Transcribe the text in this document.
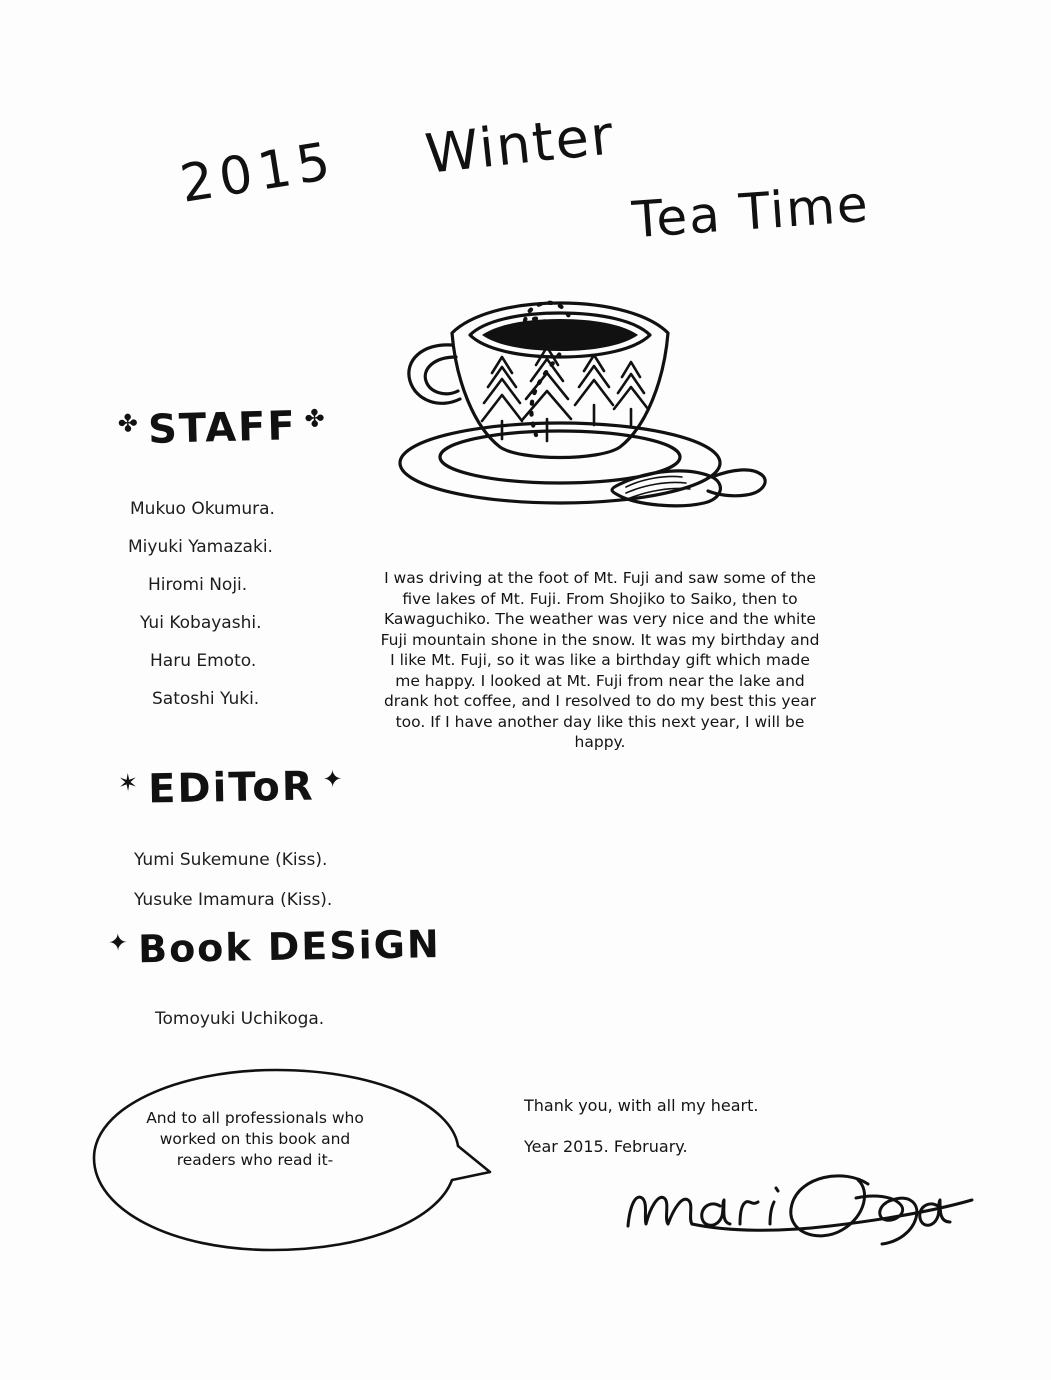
2015 Winter
Tea Time
✤ STAFF ✤
Mukuo Okumura.
Miyuki Yamazaki.
Hiromi Noji.
Yui Kobayashi.
Haru Emoto.
Satoshi Yuki.
I was driving at the foot of Mt. Fuji and saw some of the five lakes of Mt. Fuji. From Shojiko to Saiko, then to Kawaguchiko. The weather was very nice and the white Fuji mountain shone in the snow. It was my birthday and I like Mt. Fuji, so it was like a birthday gift which made me happy. I looked at Mt. Fuji from near the lake and drank hot coffee, and I resolved to do my best this year too. If I have another day like this next year, I will be happy.
✶ EDiToR ✦
Yumi Sukemune (Kiss).
Yusuke Imamura (Kiss).
✦ Book DESiGN
Tomoyuki Uchikoga.
And to all professionals who worked on this book and readers who read it-
Thank you, with all my heart.
Year 2015. February.
